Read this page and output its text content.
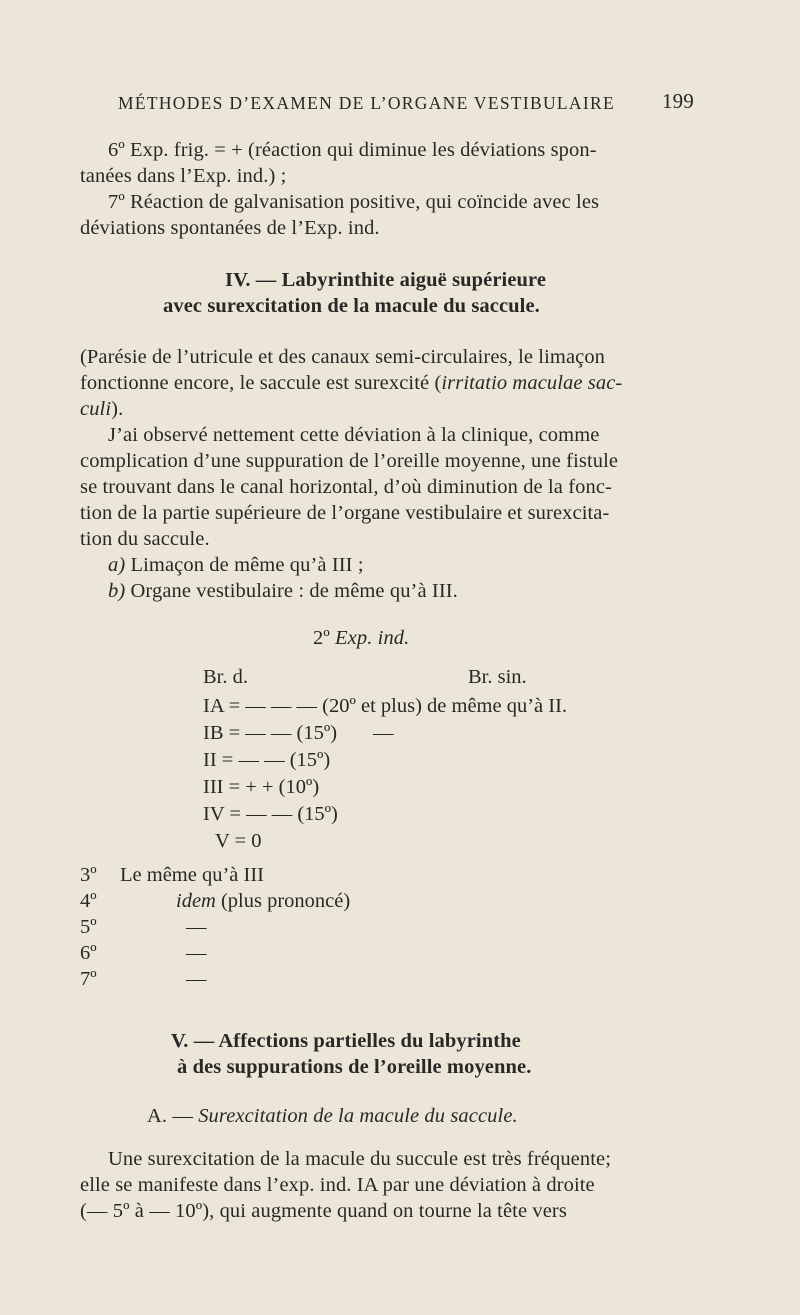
MÉTHODES D’EXAMEN DE L’ORGANE VESTIBULAIRE 199
6º Exp. frig. = + (réaction qui diminue les déviations spon-
tanées dans l’Exp. ind.) ;
7º Réaction de galvanisation positive, qui coïncide avec les
déviations spontanées de l’Exp. ind.
IV. — Labyrinthite aiguë supérieure
avec surexcitation de la macule du saccule.
(Parésie de l’utricule et des canaux semi-circulaires, le limaçon
fonctionne encore, le saccule est surexcité (irritatio maculae sac-
culi).
J’ai observé nettement cette déviation à la clinique, comme
complication d’une suppuration de l’oreille moyenne, une fistule
se trouvant dans le canal horizontal, d’où diminution de la fonc-
tion de la partie supérieure de l’organe vestibulaire et surexcita-
tion du saccule.
a) Limaçon de même qu’à III ;
b) Organe vestibulaire : de même qu’à III.
2º Exp. ind.
Br. d.	Br. sin.
IA = — — — (20º et plus) de même qu’à II.
IB = — — (15º)       —
II = — — (15º)
III = + + (10º)
IV = — — (15º)
V = 0
3º Le même qu’à III
4º	idem (plus prononcé)
5º	—
6º	—
7º	—
V. — Affections partielles du labyrinthe
à des suppurations de l’oreille moyenne.
A. — Surexcitation de la macule du saccule.
Une surexcitation de la macule du succule est très fréquente;
elle se manifeste dans l’exp. ind. IA par une déviation à droite
(— 5º à — 10º), qui augmente quand on tourne la tête vers
